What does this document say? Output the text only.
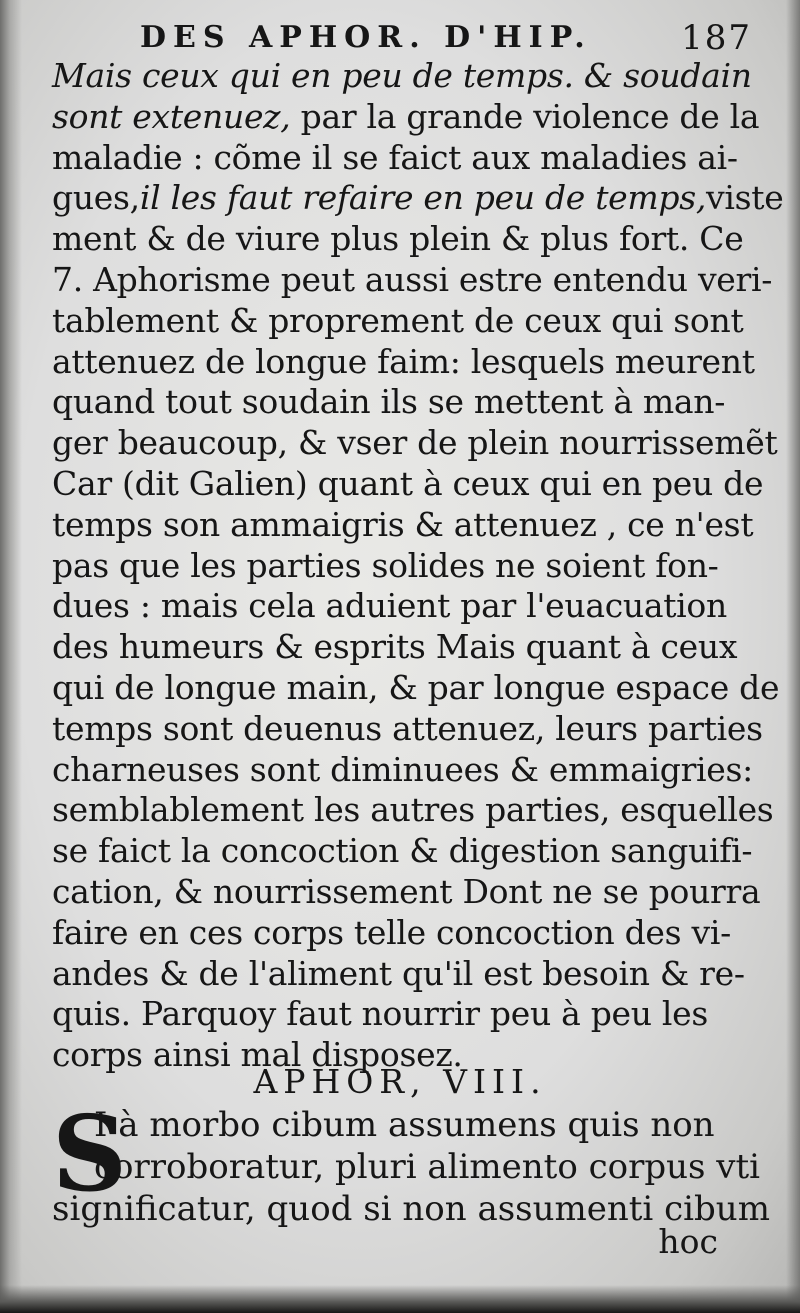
DES APHOR. D'HIP.	187
Mais ceux qui en peu de temps. & soudain
sont extenuez, par la grande violence de la
maladie : cõme il se faict aux maladies ai-
gues,il les faut refaire en peu de temps,viste
ment & de viure plus plein & plus fort. Ce
7. Aphorisme peut aussi estre entendu veri-
tablement & proprement de ceux qui sont
attenuez de longue faim: lesquels meurent
quand tout soudain ils se mettent à man-
ger beaucoup, & vser de plein nourrissemẽt
Car (dit Galien) quant à ceux qui en peu de
temps son ammaigris & attenuez , ce n'est
pas que les parties solides ne soient fon-
dues : mais cela aduient par l'euacuation
des humeurs & esprits Mais quant à ceux
qui de longue main, & par longue espace de
temps sont deuenus attenuez, leurs parties
charneuses sont diminuees & emmaigries:
semblablement les autres parties, esquelles
se faict la concoction & digestion sanguifi-
cation, & nourrissement Dont ne se pourra
faire en ces corps telle concoction des vi-
andes & de l'aliment qu'il est besoin & re-
quis. Parquoy faut nourrir peu à peu les
corps ainsi mal disposez.
APHOR, VIII.
S
I à morbo cibum assumens quis non
corroboratur, pluri alimento corpus vti
significatur, quod si non assumenti cibum
hoc
